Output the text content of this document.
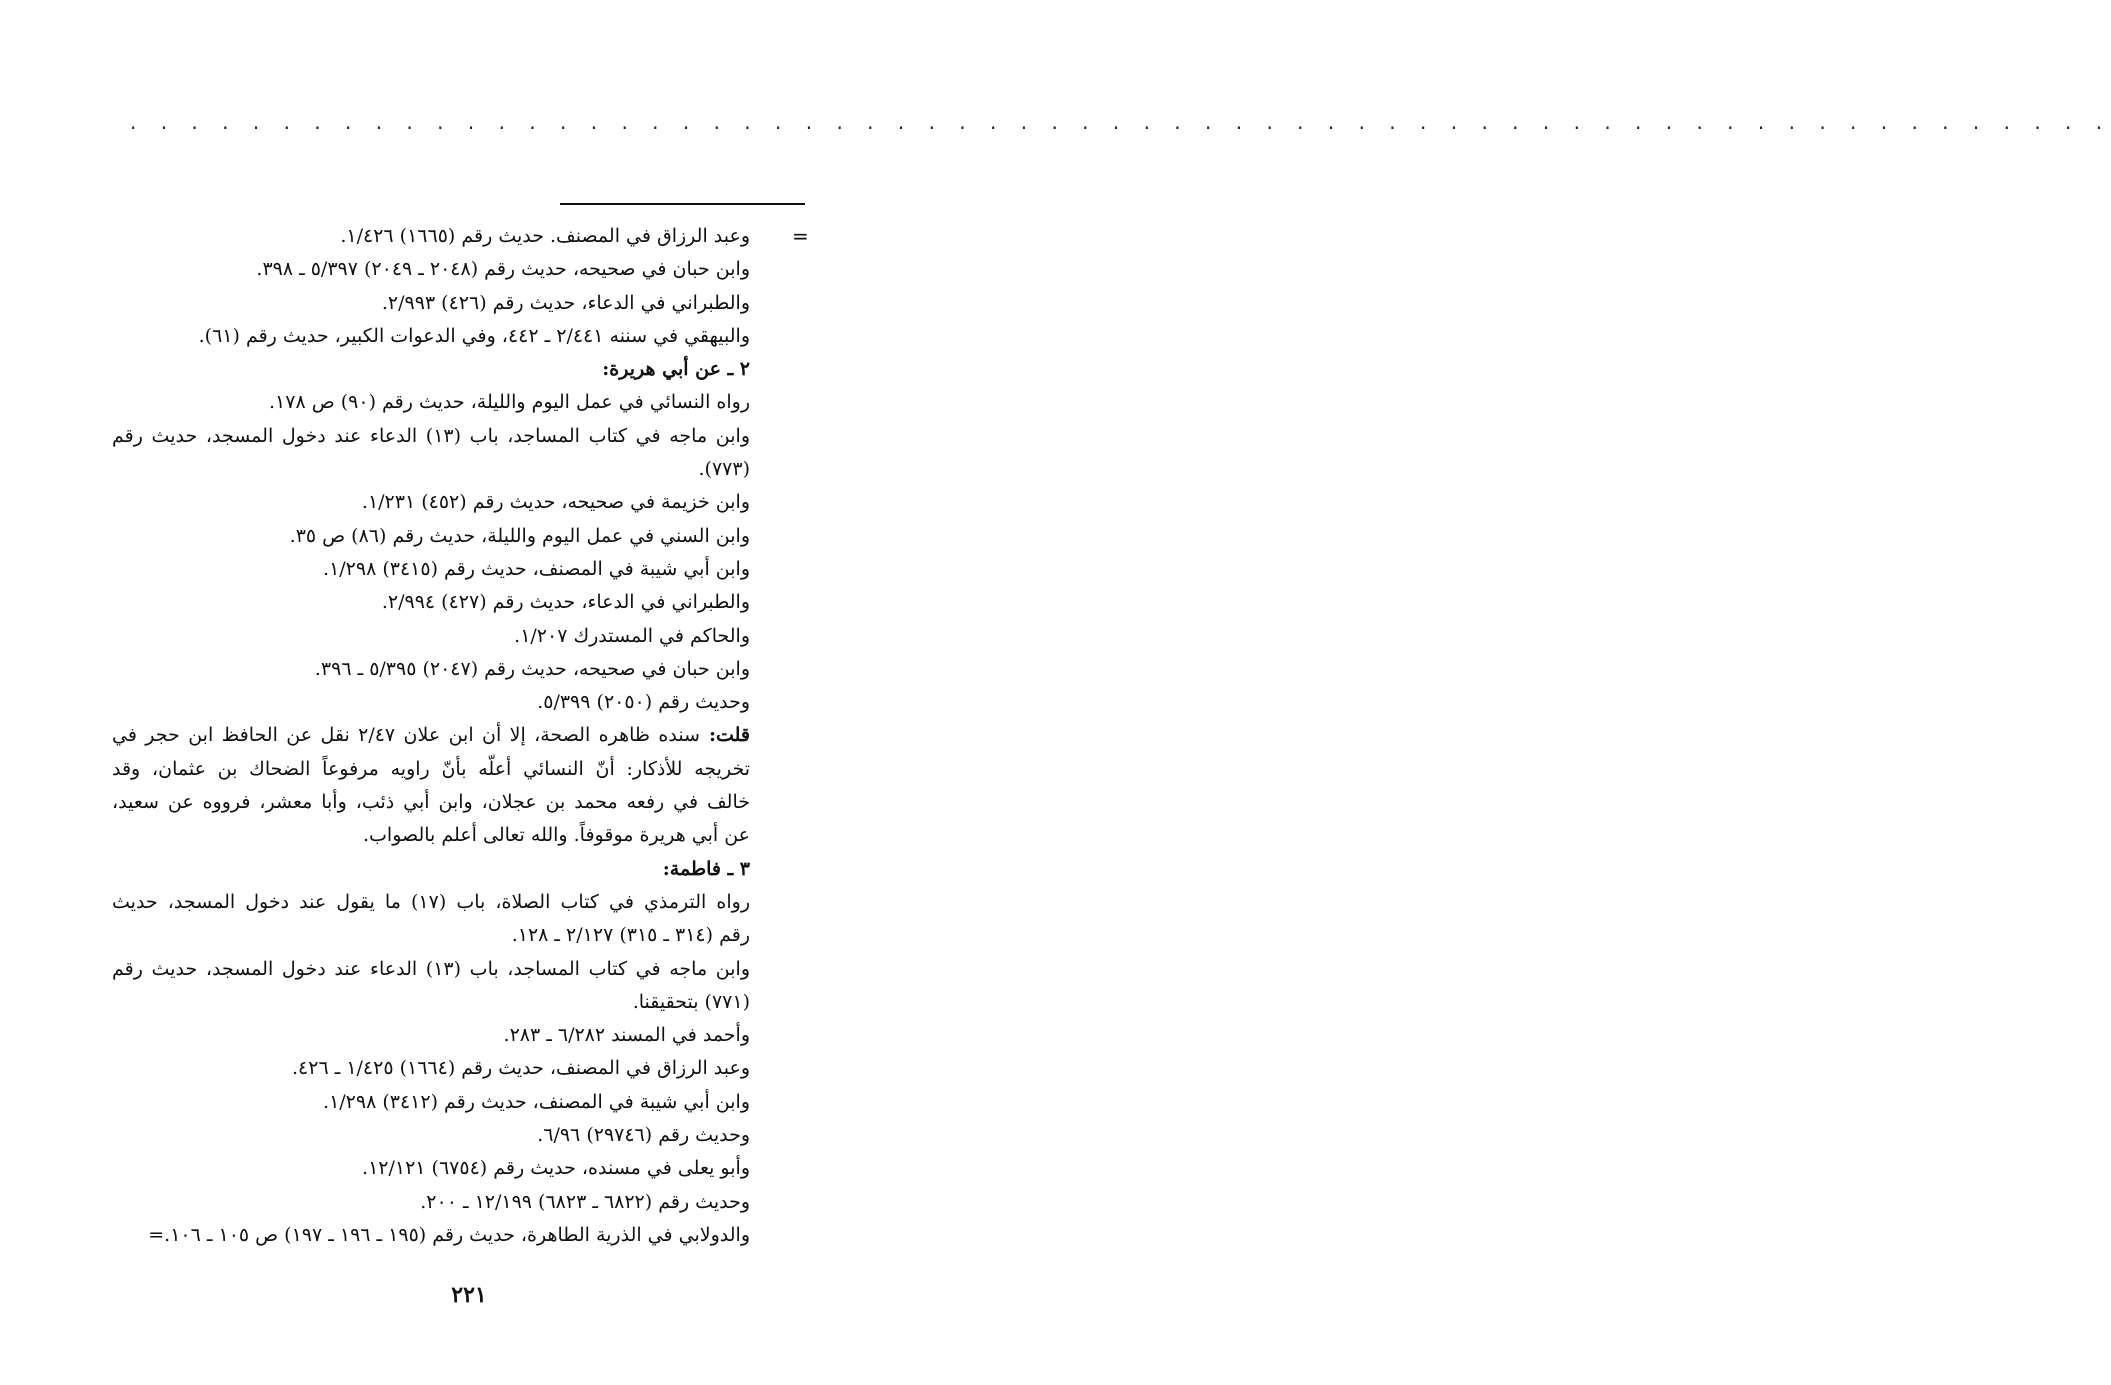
· · · · · · · · · · · · · · · · · · · · · · · · · · · · · · · · · · · · · · · · · · · · · · · · · · · · · · · · · · · · · · · · ·
=
وعبد الرزاق في المصنف. حديث رقم (١٦٦٥) ١/٤٢٦.
وابن حبان في صحيحه، حديث رقم (٢٠٤٨ ـ ٢٠٤٩) ٥/٣٩٧ ـ ٣٩٨.
والطبراني في الدعاء، حديث رقم (٤٢٦) ٢/٩٩٣.
والبيهقي في سننه ٢/٤٤١ ـ ٤٤٢، وفي الدعوات الكبير، حديث رقم (٦١).
٢ ـ عن أبي هريرة:
رواه النسائي في عمل اليوم والليلة، حديث رقم (٩٠) ص ١٧٨.
وابن ماجه في كتاب المساجد، باب (١٣) الدعاء عند دخول المسجد، حديث رقم
(٧٧٣).
وابن خزيمة في صحيحه، حديث رقم (٤٥٢) ١/٢٣١.
وابن السني في عمل اليوم والليلة، حديث رقم (٨٦) ص ٣٥.
وابن أبي شيبة في المصنف، حديث رقم (٣٤١٥) ١/٢٩٨.
والطبراني في الدعاء، حديث رقم (٤٢٧) ٢/٩٩٤.
والحاكم في المستدرك ١/٢٠٧.
وابن حبان في صحيحه، حديث رقم (٢٠٤٧) ٥/٣٩٥ ـ ٣٩٦.
وحديث رقم (٢٠٥٠) ٥/٣٩٩.
قلت: سنده ظاهره الصحة، إلا أن ابن علان ٢/٤٧ نقل عن الحافظ ابن حجر في
تخريجه للأذكار: أنّ النسائي أعلّه بأنّ راويه مرفوعاً الضحاك بن عثمان، وقد
خالف في رفعه محمد بن عجلان، وابن أبي ذئب، وأبا معشر، فرووه عن سعيد،
عن أبي هريرة موقوفاً. والله تعالى أعلم بالصواب.
٣ ـ فاطمة:
رواه الترمذي في كتاب الصلاة، باب (١٧) ما يقول عند دخول المسجد، حديث
رقم (٣١٤ ـ ٣١٥) ٢/١٢٧ ـ ١٢٨.
وابن ماجه في كتاب المساجد، باب (١٣) الدعاء عند دخول المسجد، حديث رقم
(٧٧١) بتحقيقنا.
وأحمد في المسند ٦/٢٨٢ ـ ٢٨٣.
وعبد الرزاق في المصنف، حديث رقم (١٦٦٤) ١/٤٢٥ ـ ٤٢٦.
وابن أبي شيبة في المصنف، حديث رقم (٣٤١٢) ١/٢٩٨.
وحديث رقم (٢٩٧٤٦) ٦/٩٦.
وأبو يعلى في مسنده، حديث رقم (٦٧٥٤) ١٢/١٢١.
وحديث رقم (٦٨٢٢ ـ ٦٨٢٣) ١٢/١٩٩ ـ ٢٠٠.
والدولابي في الذرية الطاهرة، حديث رقم (١٩٥ ـ ١٩٦ ـ ١٩٧) ص ١٠٥ ـ ١٠٦.=
٢٢١
